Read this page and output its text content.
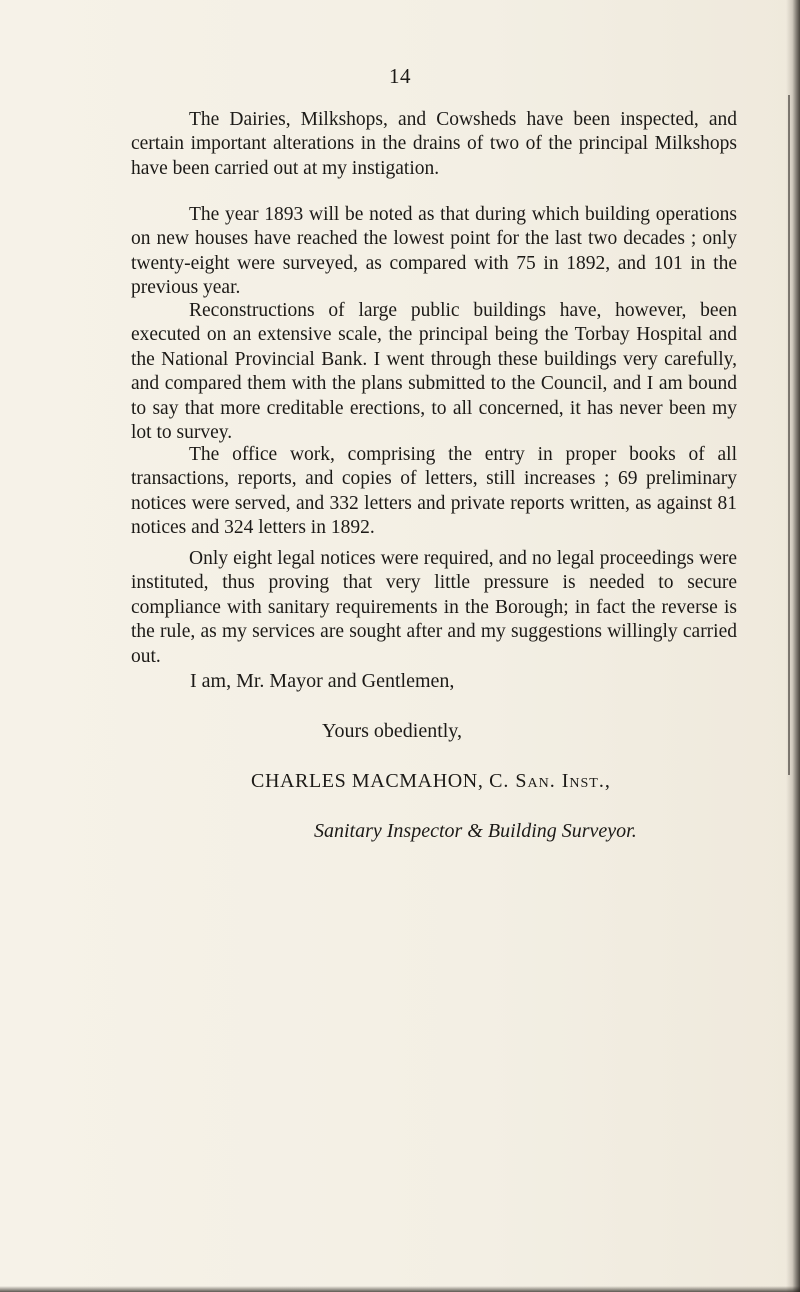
14

The Dairies, Milkshops, and Cowsheds have been inspected, and certain important alterations in the drains of two of the principal Milkshops have been carried out at my instigation.

The year 1893 will be noted as that during which building operations on new houses have reached the lowest point for the last two decades ; only twenty-eight were surveyed, as compared with 75 in 1892, and 101 in the previous year.

Reconstructions of large public buildings have, however, been executed on an extensive scale, the principal being the Torbay Hospital and the National Provincial Bank. I went through these buildings very carefully, and compared them with the plans submitted to the Council, and I am bound to say that more creditable erections, to all concerned, it has never been my lot to survey.

The office work, comprising the entry in proper books of all transactions, reports, and copies of letters, still increases ; 69 preliminary notices were served, and 332 letters and private reports written, as against 81 notices and 324 letters in 1892.

Only eight legal notices were required, and no legal proceedings were instituted, thus proving that very little pressure is needed to secure compliance with sanitary requirements in the Borough; in fact the reverse is the rule, as my services are sought after and my suggestions willingly carried out.

I am, Mr. Mayor and Gentlemen,
Yours obediently,
CHARLES MACMAHON, C. San. Inst.,
Sanitary Inspector & Building Surveyor.
